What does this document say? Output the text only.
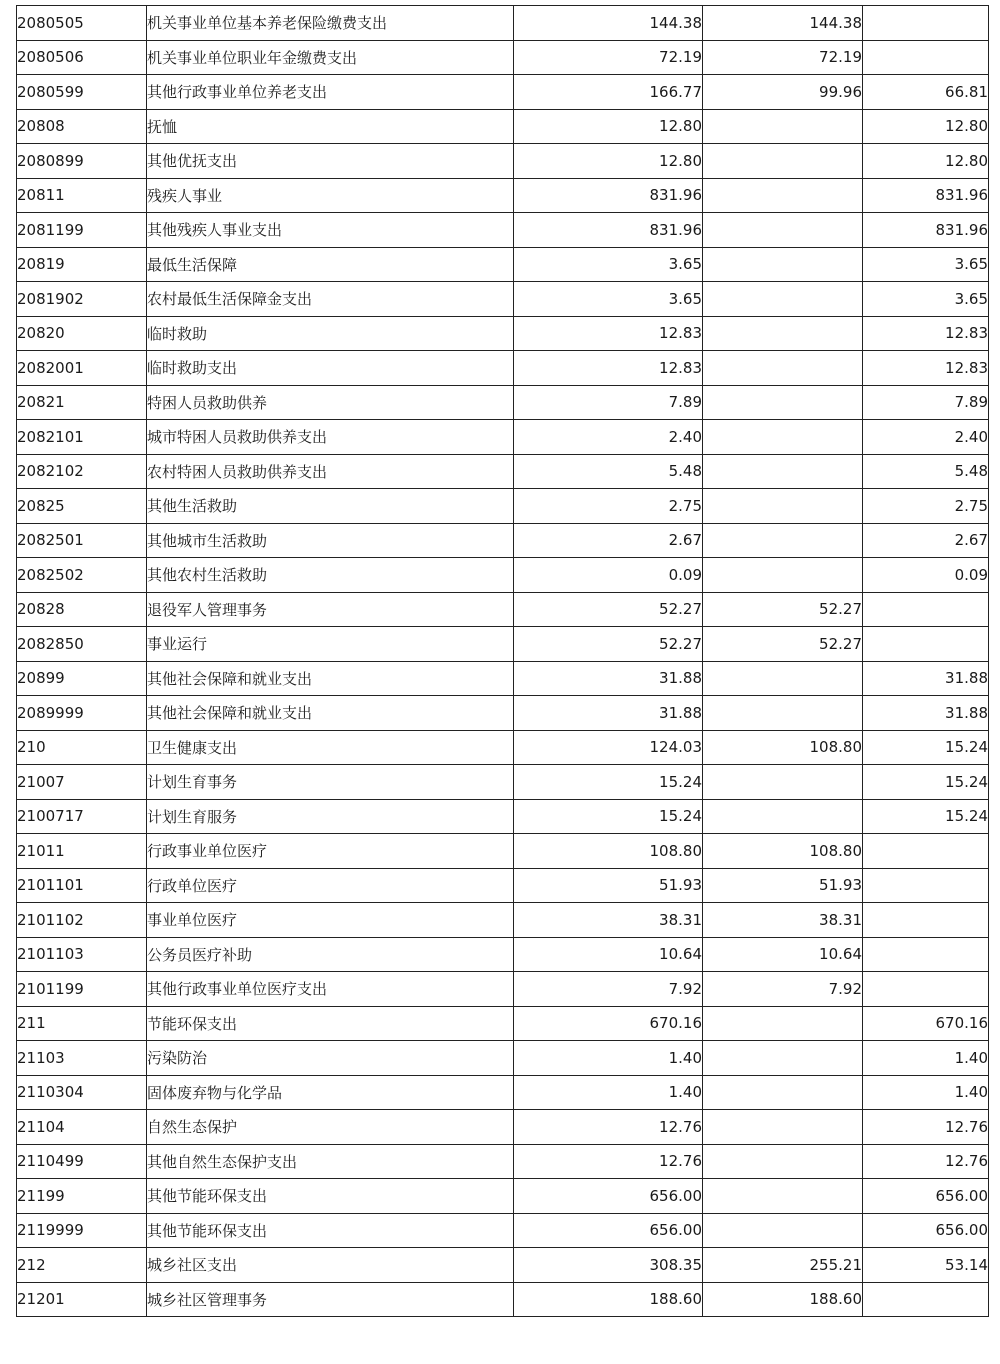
2080505	机关事业单位基本养老保险缴费支出	144.38	144.38	
2080506	机关事业单位职业年金缴费支出	72.19	72.19	
2080599	其他行政事业单位养老支出	166.77	99.96	66.81
20808	抚恤	12.80		12.80
2080899	其他优抚支出	12.80		12.80
20811	残疾人事业	831.96		831.96
2081199	其他残疾人事业支出	831.96		831.96
20819	最低生活保障	3.65		3.65
2081902	农村最低生活保障金支出	3.65		3.65
20820	临时救助	12.83		12.83
2082001	临时救助支出	12.83		12.83
20821	特困人员救助供养	7.89		7.89
2082101	城市特困人员救助供养支出	2.40		2.40
2082102	农村特困人员救助供养支出	5.48		5.48
20825	其他生活救助	2.75		2.75
2082501	其他城市生活救助	2.67		2.67
2082502	其他农村生活救助	0.09		0.09
20828	退役军人管理事务	52.27	52.27	
2082850	事业运行	52.27	52.27	
20899	其他社会保障和就业支出	31.88		31.88
2089999	其他社会保障和就业支出	31.88		31.88
210	卫生健康支出	124.03	108.80	15.24
21007	计划生育事务	15.24		15.24
2100717	计划生育服务	15.24		15.24
21011	行政事业单位医疗	108.80	108.80	
2101101	行政单位医疗	51.93	51.93	
2101102	事业单位医疗	38.31	38.31	
2101103	公务员医疗补助	10.64	10.64	
2101199	其他行政事业单位医疗支出	7.92	7.92	
211	节能环保支出	670.16		670.16
21103	污染防治	1.40		1.40
2110304	固体废弃物与化学品	1.40		1.40
21104	自然生态保护	12.76		12.76
2110499	其他自然生态保护支出	12.76		12.76
21199	其他节能环保支出	656.00		656.00
2119999	其他节能环保支出	656.00		656.00
212	城乡社区支出	308.35	255.21	53.14
21201	城乡社区管理事务	188.60	188.60	
